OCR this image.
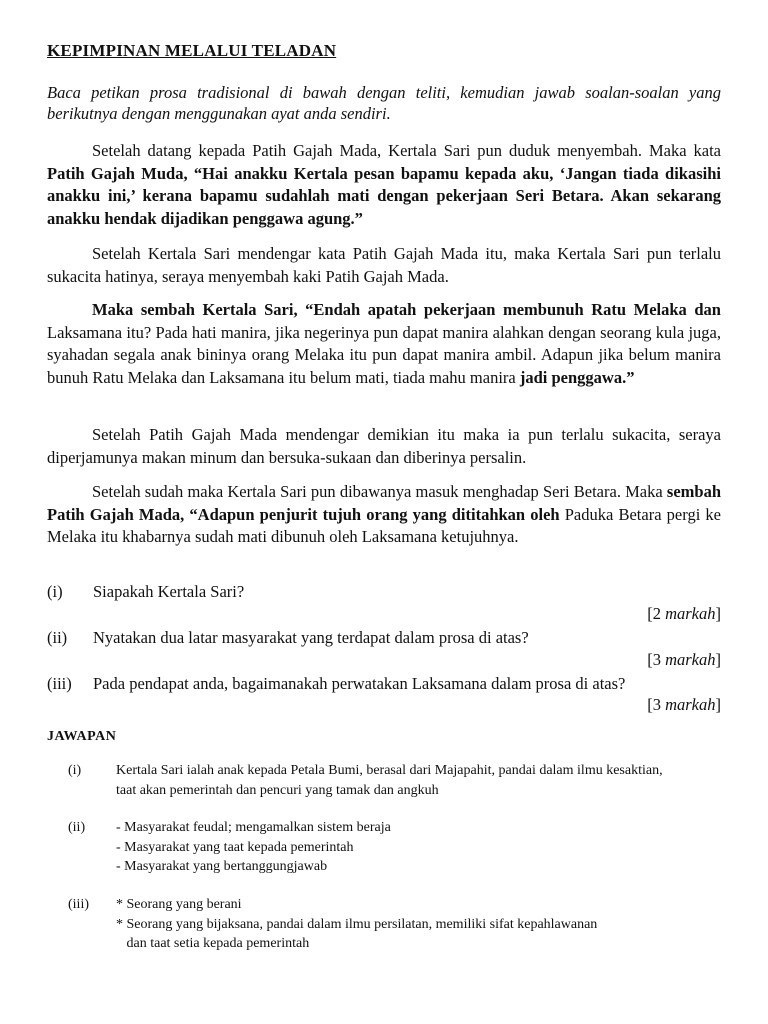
KEPIMPINAN MELALUI TELADAN
Baca petikan prosa tradisional di bawah dengan teliti, kemudian jawab soalan-soalan yang berikutnya dengan menggunakan ayat anda sendiri.

Setelah datang kepada Patih Gajah Mada, Kertala Sari pun duduk menyembah. Maka kata Patih Gajah Muda, “Hai anakku Kertala pesan bapamu kepada aku, ‘Jangan tiada dikasihi anakku ini,’ kerana bapamu sudahlah mati dengan pekerjaan Seri Betara. Akan sekarang anakku hendak dijadikan penggawa agung.”

Setelah Kertala Sari mendengar kata Patih Gajah Mada itu, maka Kertala Sari pun terlalu sukacita hatinya, seraya menyembah kaki Patih Gajah Mada.

Maka sembah Kertala Sari, “Endah apatah pekerjaan membunuh Ratu Melaka dan Laksamana itu? Pada hati manira, jika negerinya pun dapat manira alahkan dengan seorang kula juga, syahadan segala anak bininya orang Melaka itu pun dapat manira ambil. Adapun jika belum manira bunuh Ratu Melaka dan Laksamana itu belum mati, tiada mahu manira jadi penggawa.”

Setelah Patih Gajah Mada mendengar demikian itu maka ia pun terlalu sukacita, seraya diperjamunya makan minum dan bersuka-sukaan dan diberinya persalin.

Setelah sudah maka Kertala Sari pun dibawanya masuk menghadap Seri Betara. Maka sembah Patih Gajah Mada, “Adapun penjurit tujuh orang yang dititahkan oleh Paduka Betara pergi ke Melaka itu khabarnya sudah mati dibunuh oleh Laksamana ketujuhnya.

(i) Siapakah Kertala Sari?
[2 markah]
(ii) Nyatakan dua latar masyarakat yang terdapat dalam prosa di atas?
[3 markah]
(iii) Pada pendapat anda, bagaimanakah perwatakan Laksamana dalam prosa di atas?
[3 markah]
JAWAPAN
(i) Kertala Sari ialah anak kepada Petala Bumi, berasal dari Majapahit, pandai dalam ilmu kesaktian,
taat akan pemerintah dan pencuri yang tamak dan angkuh
(ii) - Masyarakat feudal; mengamalkan sistem beraja
- Masyarakat yang taat kepada pemerintah
- Masyarakat yang bertanggungjawab
(iii) * Seorang yang berani
* Seorang yang bijaksana, pandai dalam ilmu persilatan, memiliki sifat kepahlawanan
dan taat setia kepada pemerintah
